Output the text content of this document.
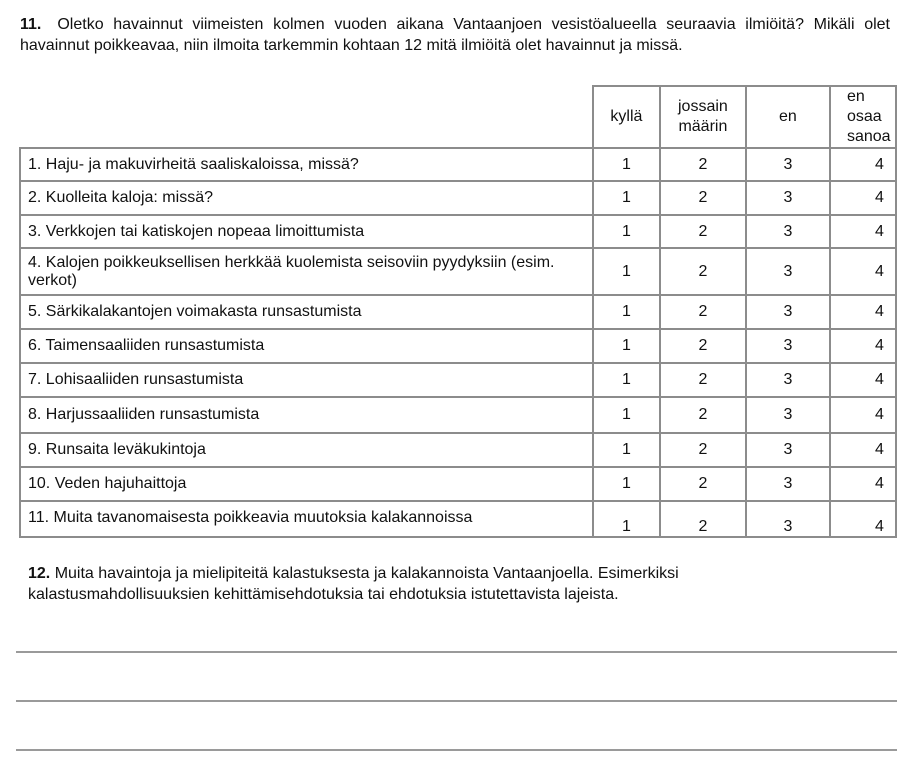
11. Oletko havainnut viimeisten kolmen vuoden aikana Vantaanjoen vesistöalueella seuraavia ilmiöitä? Mikäli olet havainnut poikkeavaa, niin ilmoita tarkemmin kohtaan 12 mitä ilmiöitä olet havainnut ja missä.
	kyllä	jossain määrin	en	en osaa sanoa

1. Haju- ja makuvirheitä saaliskaloissa, missä?	1	2	3	4

2. Kuolleita kaloja: missä?	1	2	3	4

3. Verkkojen tai katiskojen nopeaa limoittumista	1	2	3	4

4. Kalojen poikkeuksellisen herkkää kuolemista seisoviin pyydyksiin (esim. verkot)	1	2	3	4

5. Särkikalakantojen voimakasta runsastumista	1	2	3	4

6. Taimensaaliiden runsastumista	1	2	3	4

7. Lohisaaliiden runsastumista	1	2	3	4

8. Harjussaaliiden runsastumista	1	2	3	4

9. Runsaita leväkukintoja	1	2	3	4

10. Veden hajuhaittoja	1	2	3	4

11. Muita tavanomaisesta poikkeavia muutoksia kalakannoissa	1	2	3	4
12. Muita havaintoja ja mielipiteitä kalastuksesta ja kalakannoista Vantaanjoella. Esimerkiksi kalastusmahdollisuuksien kehittämisehdotuksia tai ehdotuksia istutettavista lajeista.
